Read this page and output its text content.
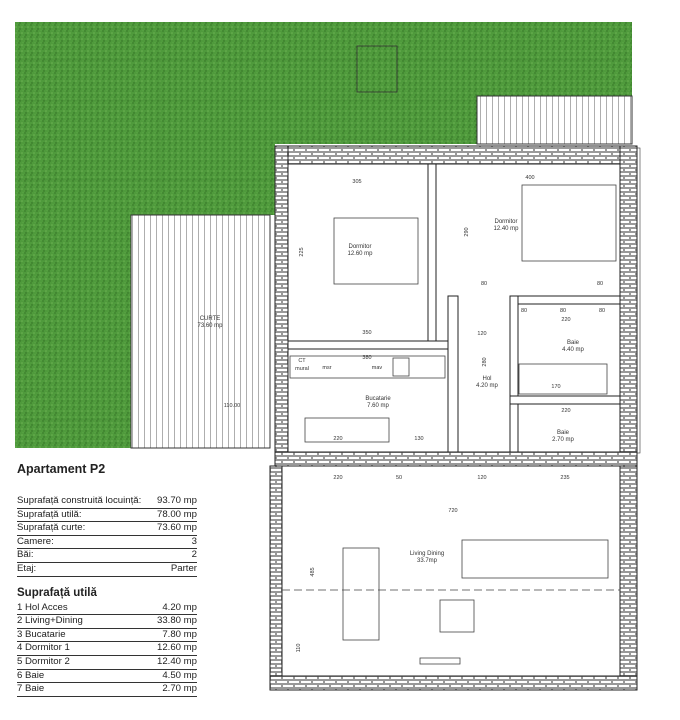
CURTE
73.60 mp
Dormitor
12.60 mp
Dormitor
12.40 mp
Baie
4.40 mp
Hol
4.20 mp
Bucatarie
7.60 mp
Baie
2.70 mp
Living Dining
33.7mp
CT
mural msr	mav
305
400
350
380
720
220
220
220
220
120
120
170
130
80
80	80	80
80
50	235
290
280
225
485
110
110.00
Apartament P2
Suprafață construită locuință: 93.70 mp
Suprafață utilă:	78.00 mp
Suprafață curte:	73.60 mp
Camere:	3
Băi:	2
Etaj:	Parter
Suprafață utilă
1 Hol Acces	4.20 mp
2 Living+Dining	33.80 mp
3 Bucatarie	7.80 mp
4 Dormitor 1	12.60 mp
5 Dormitor 2	12.40 mp
6 Baie	4.50 mp
7 Baie	2.70 mp
